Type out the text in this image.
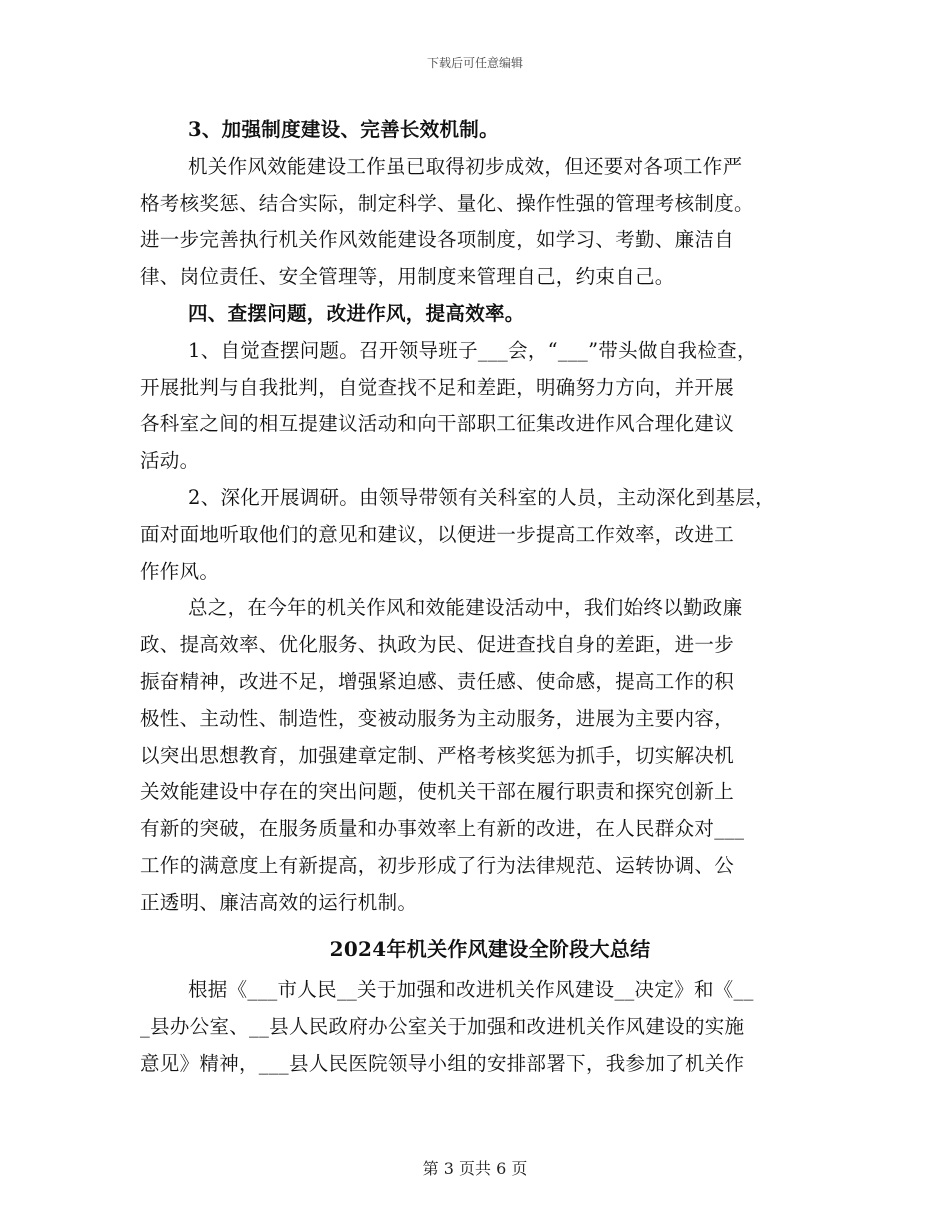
下载后可任意编辑
3、加强制度建设、完善长效机制。
机关作风效能建设工作虽已取得初步成效，但还要对各项工作严
格考核奖惩、结合实际，制定科学、量化、操作性强的管理考核制度。
进一步完善执行机关作风效能建设各项制度，如学习、考勤、廉洁自
律、岗位责任、安全管理等，用制度来管理自己，约束自己。
四、查摆问题，改进作风，提高效率。
1、自觉查摆问题。召开领导班子___会，“___”带头做自我检查，
开展批判与自我批判，自觉查找不足和差距，明确努力方向，并开展
各科室之间的相互提建议活动和向干部职工征集改进作风合理化建议
活动。
2、深化开展调研。由领导带领有关科室的人员，主动深化到基层，
面对面地听取他们的意见和建议，以便进一步提高工作效率，改进工
作作风。
总之，在今年的机关作风和效能建设活动中，我们始终以勤政廉
政、提高效率、优化服务、执政为民、促进查找自身的差距，进一步
振奋精神，改进不足，增强紧迫感、责任感、使命感，提高工作的积
极性、主动性、制造性，变被动服务为主动服务，进展为主要内容，
以突出思想教育，加强建章定制、严格考核奖惩为抓手，切实解决机
关效能建设中存在的突出问题，使机关干部在履行职责和探究创新上
有新的突破，在服务质量和办事效率上有新的改进，在人民群众对___
工作的满意度上有新提高，初步形成了行为法律规范、运转协调、公
正透明、廉洁高效的运行机制。
2024年机关作风建设全阶段大总结
根据《___市人民__关于加强和改进机关作风建设__决定》和《__
_县办公室、__县人民政府办公室关于加强和改进机关作风建设的实施
意见》精神，___县人民医院领导小组的安排部署下，我参加了机关作
第 3 页共 6 页
